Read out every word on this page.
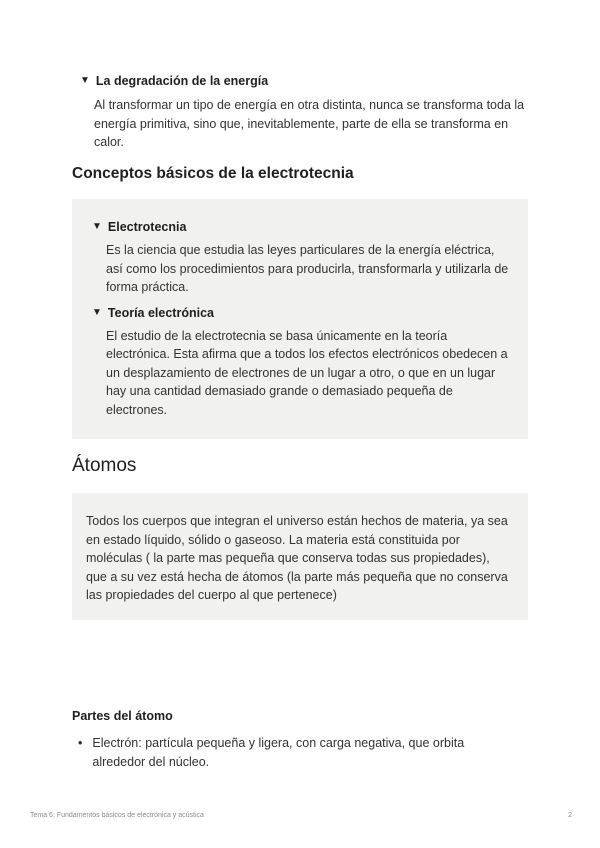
▼ La degradación de la energía
Al transformar un tipo de energía en otra distinta, nunca se transforma toda la energía primitiva, sino que, inevitablemente, parte de ella se transforma en calor.
Conceptos básicos de la electrotecnia
▼ Electrotecnia
Es la ciencia que estudia las leyes particulares de la energía eléctrica, así como los procedimientos para producirla, transformarla y utilizarla de forma práctica.
▼ Teoría electrónica
El estudio de la electrotecnia se basa únicamente en la teoría electrónica. Esta afirma que a todos los efectos electrónicos obedecen a un desplazamiento de electrones de un lugar a otro, o que en un lugar hay una cantidad demasiado grande o demasiado pequeña de electrones.
Átomos
Todos los cuerpos que integran el universo están hechos de materia, ya sea en estado líquido, sólido o gaseoso. La materia está constituida por moléculas ( la parte mas pequeña que conserva todas sus propiedades), que a su vez está hecha de átomos (la parte más pequeña que no conserva las propiedades del cuerpo al que pertenece)
Partes del átomo
• Electrón: partícula pequeña y ligera, con carga negativa, que orbita alrededor del núcleo.
Tema 6: Fundamentos básicos de electrónica y acústica	2
